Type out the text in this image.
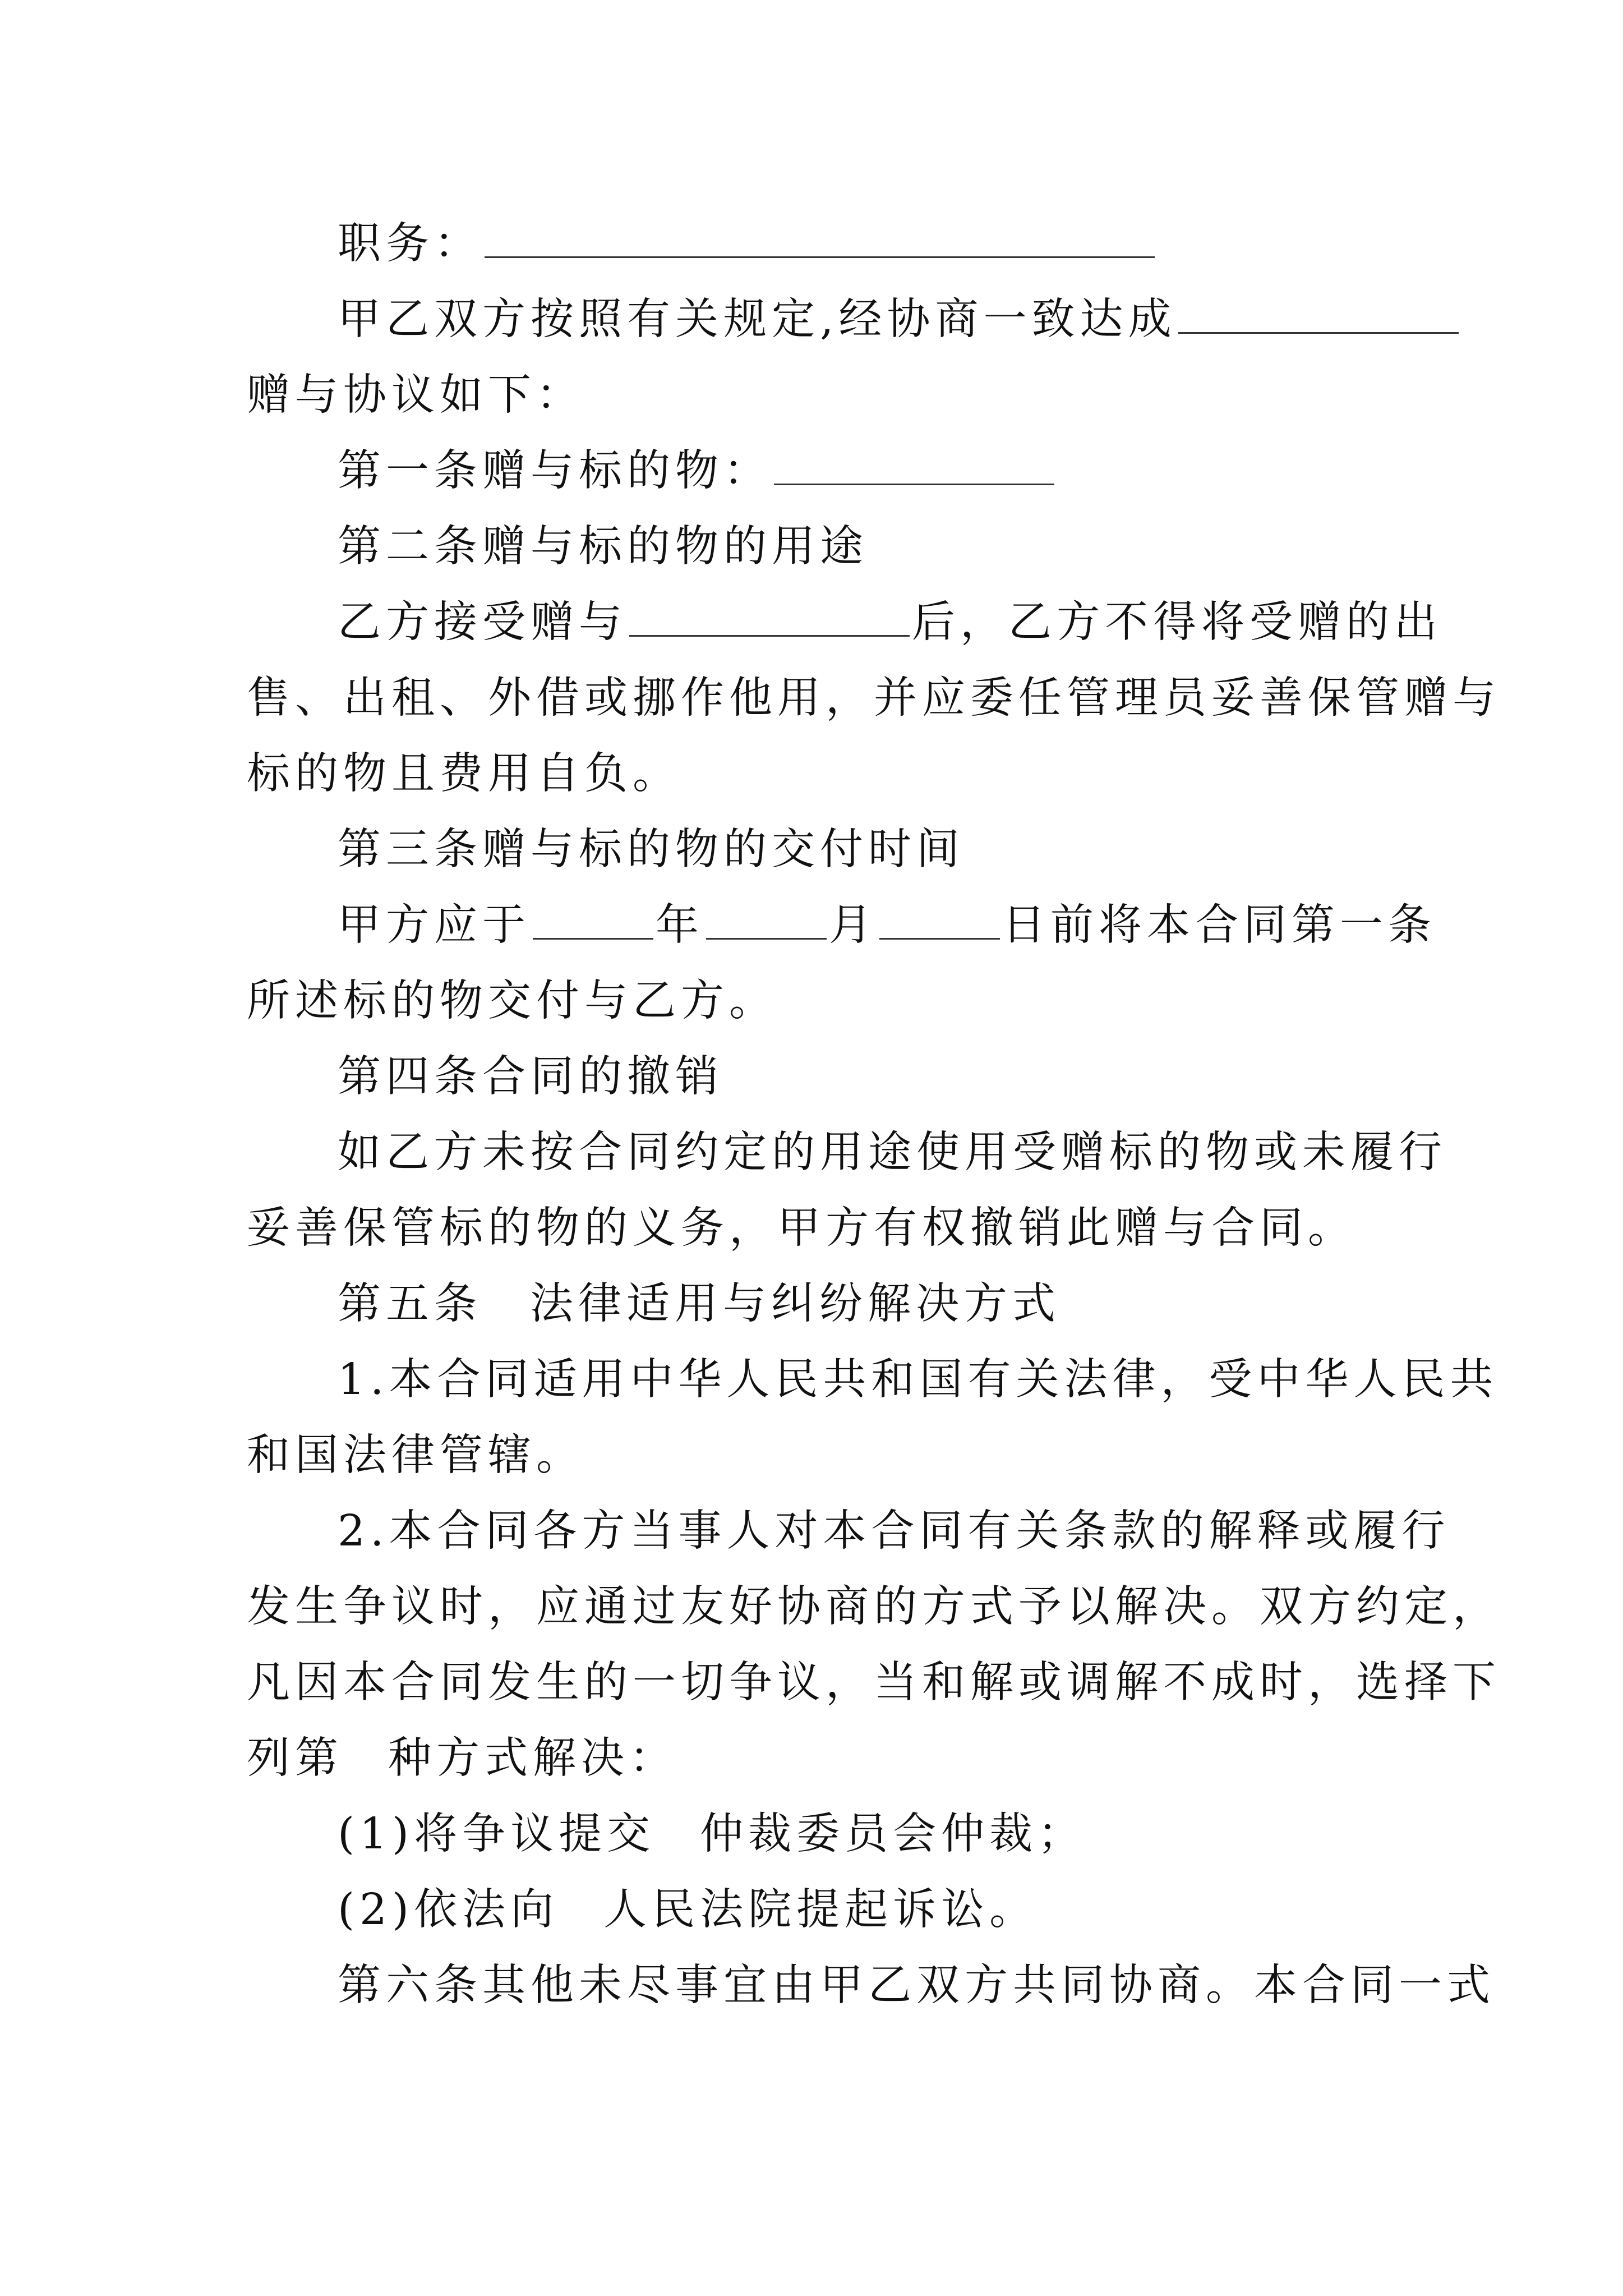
职务：
甲乙双方按照有关规定,经协商一致达成
赠与协议如下：
第一条赠与标的物：
第二条赠与标的物的用途
乙方接受赠与	后，乙方不得将受赠的出
售、出租、外借或挪作他用，并应委任管理员妥善保管赠与
标的物且费用自负。
第三条赠与标的物的交付时间
甲方应于	年	月	日前将本合同第一条
所述标的物交付与乙方。
第四条合同的撤销
如乙方未按合同约定的用途使用受赠标的物或未履行
妥善保管标的物的义务，甲方有权撤销此赠与合同。
第五条 法律适用与纠纷解决方式
1.本合同适用中华人民共和国有关法律，受中华人民共
和国法律管辖。
2.本合同各方当事人对本合同有关条款的解释或履行
发生争议时，应通过友好协商的方式予以解决。双方约定，
凡因本合同发生的一切争议，当和解或调解不成时，选择下
列第 种方式解决：
(1)将争议提交 仲裁委员会仲裁；
(2)依法向 人民法院提起诉讼。
第六条其他未尽事宜由甲乙双方共同协商。本合同一式
